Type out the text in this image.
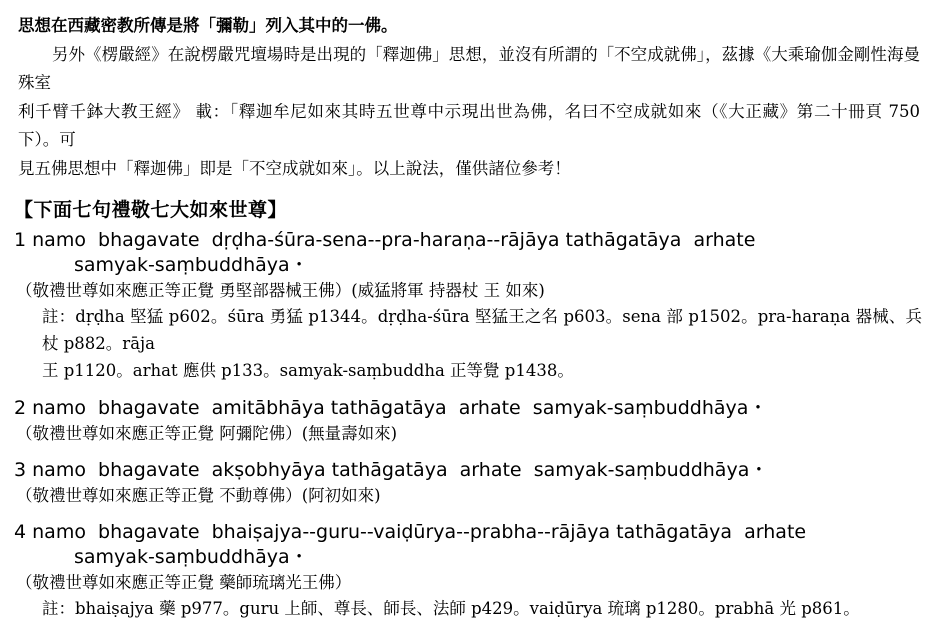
思想在西藏密教所傳是將「彌勒」列入其中的一佛。

另外《楞嚴經》在說楞嚴咒壇場時是出現的「釋迦佛」思想，並沒有所謂的「不空成就佛」，茲據《大乘瑜伽金剛性海曼殊室

利千臂千鉢大教王經》 載：「釋迦牟尼如來其時五世尊中示現出世為佛，名曰不空成就如來（《大正藏》第二十冊頁 750 下）。可

見五佛思想中「釋迦佛」即是「不空成就如來」。以上說法，僅供諸位參考！

【下面七句禮敬七大如來世尊】
1 namo  bhagavate  dṛḍha-śūra-sena--pra-haraṇa--rājāya tathāgatāya  arhate
samyak-saṃbuddhāya・
（敬禮世尊如來應正等正覺 勇堅部器械王佛）(威猛將軍 持器杖 王 如來)
註：dṛḍha 堅猛 p602。śūra 勇猛 p1344。dṛḍha-śūra 堅猛王之名 p603。sena 部 p1502。pra-haraṇa 器械、兵杖 p882。rāja
王 p1120。arhat 應供 p133。samyak-saṃbuddha 正等覺 p1438。
2 namo  bhagavate  amitābhāya tathāgatāya  arhate  samyak-saṃbuddhāya・
（敬禮世尊如來應正等正覺 阿彌陀佛）(無量壽如來)
3 namo  bhagavate  akṣobhyāya tathāgatāya  arhate  samyak-saṃbuddhāya・
（敬禮世尊如來應正等正覺 不動尊佛）(阿初如來)
4 namo  bhagavate  bhaiṣajya--guru--vaiḍūrya--prabha--rājāya tathāgatāya  arhate
samyak-saṃbuddhāya・
（敬禮世尊如來應正等正覺 藥師琉璃光王佛）
註：bhaiṣajya 藥 p977。guru 上師、尊長、師長、法師 p429。vaiḍūrya 琉璃 p1280。prabhā 光 p861。
